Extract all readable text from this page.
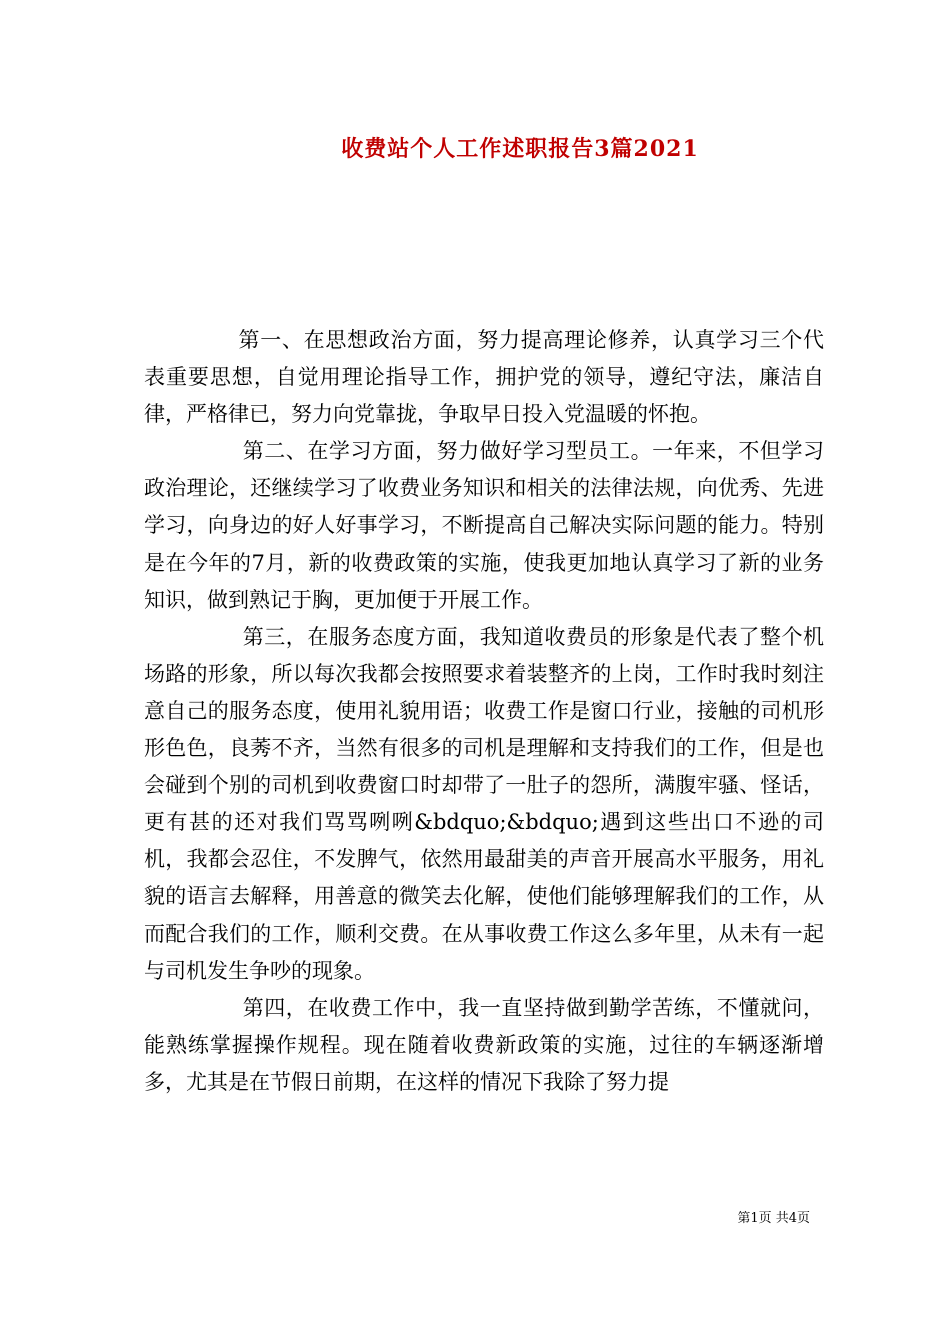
收费站个人工作述职报告3篇2021

第一、在思想政治方面，努力提高理论修养，认真学习三个代表重要思想，自觉用理论指导工作，拥护党的领导，遵纪守法，廉洁自律，严格律已，努力向党靠拢，争取早日投入党温暖的怀抱。

第二、在学习方面，努力做好学习型员工。一年来，不但学习政治理论，还继续学习了收费业务知识和相关的法律法规，向优秀、先进学习，向身边的好人好事学习，不断提高自己解决实际问题的能力。特别是在今年的7月，新的收费政策的实施，使我更加地认真学习了新的业务知识，做到熟记于胸，更加便于开展工作。

第三，在服务态度方面，我知道收费员的形象是代表了整个机场路的形象，所以每次我都会按照要求着装整齐的上岗，工作时我时刻注意自己的服务态度，使用礼貌用语；收费工作是窗口行业，接触的司机形形色色，良莠不齐，当然有很多的司机是理解和支持我们的工作，但是也会碰到个别的司机到收费窗口时却带了一肚子的怨所，满腹牢骚、怪话，更有甚的还对我们骂骂咧咧&bdquo;&bdquo;遇到这些出口不逊的司机，我都会忍住，不发脾气，依然用最甜美的声音开展高水平服务，用礼貌的语言去解释，用善意的微笑去化解，使他们能够理解我们的工作，从而配合我们的工作，顺利交费。在从事收费工作这么多年里，从未有一起与司机发生争吵的现象。

第四，在收费工作中，我一直坚持做到勤学苦练，不懂就问，能熟练掌握操作规程。现在随着收费新政策的实施，过往的车辆逐渐增多，尤其是在节假日前期，在这样的情况下我除了努力提

第1页 共4页
